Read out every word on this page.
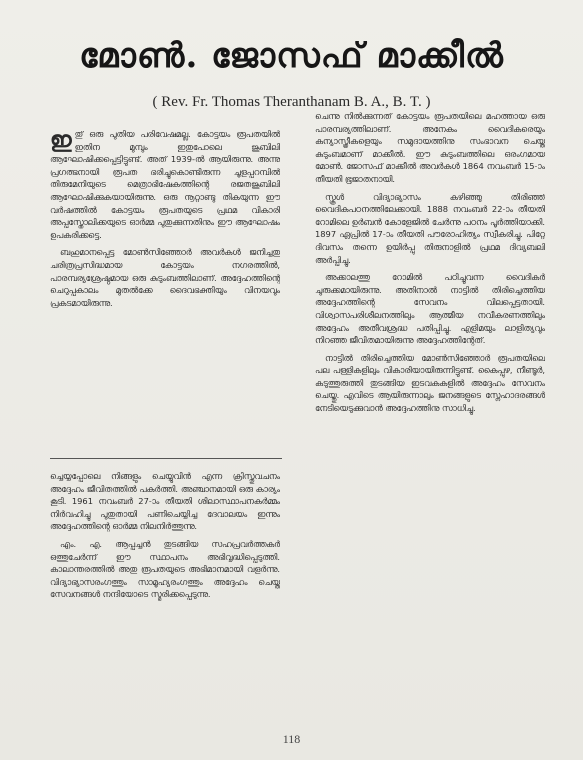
മോൺ. ജോസഫ് മാക്കീൽ
( Rev. Fr. Thomas Theranthanam B. A., B. T. )

ഇതു് ഒരു പുതിയ പരിവേഷമല്ല. കോട്ടയം രൂപതയിൽ ഇതിന മുമ്പും ഇതുപോലെ ജൂബിലി ആഘോഷിക്കപ്പെട്ടിട്ടുണ്ട്. അത് 1939-ൽ ആയിരുന്നു. അന്നു പ്രഗത്ഭനായി രൂപത ഭരിച്ചുകൊണ്ടിരുന്ന ചൂളപ്പറമ്പിൽ തിരുമേനിയുടെ മെത്രാഭിഷേകത്തിന്റെ രജതജൂബിലി ആഘോഷിക്കുകയായിരുന്നു. ഒരു നൂറ്റാണ്ടു തികയുന്ന ഈ വർഷത്തിൽ കോട്ടയം രൂപതയുടെ പ്രഥമ വികാരി അപ്പസ്തോലിക്കയുടെ ഓർമ്മ പുതുക്കുന്നതിനും ഈ ആഘോഷം ഉപകരിക്കട്ടെ.

ബഹുമാനപ്പെട്ട മോൺസിഞ്ഞോർ അവർകൾ ജനിച്ചതു ചരിത്രപ്രസിദ്ധമായ കോട്ടയം നഗരത്തിൽ, പാരമ്പര്യശ്രേഷ്ഠമായ ഒരു കുടുംബത്തിലാണ്. അദ്ദേഹത്തിന്റെ ചെറുപ്പകാലം മുതൽക്കേ ദൈവഭക്തിയും വിനയവും പ്രകടമായിരുന്നു.

ച്ചെയ്യപ്പോലെ നിങ്ങളും ചെയ്യുവിൻ എന്ന ക്രിസ്തുവചനം അദ്ദേഹം ജീവിതത്തിൽ പകർത്തി. അഞ്ചാനമായി ഒരു കാര്യം കൂടി. 1961 നവംബർ 27-ാം തീയതി ശിലാസ്ഥാപനകർമ്മം നിർവഹിച്ചു പുതുതായി പണിചെയ്യിച്ച ദേവാലയം ഇന്നും അദ്ദേഹത്തിന്റെ ഓർമ്മ നിലനിർത്തുന്നു.

എം. എ. ആപ്പച്ചൻ തുടങ്ങിയ സഹപ്രവർത്തകർ ഒത്തുചേർന്ന് ഈ സ്ഥാപനം അഭിവൃദ്ധിപ്പെടുത്തി. കാലാന്തരത്തിൽ അതു രൂപതയുടെ അഭിമാനമായി വളർന്നു. വിദ്യാഭ്യാസരംഗത്തും സാമൂഹ്യരംഗത്തും അദ്ദേഹം ചെയ്ത സേവനങ്ങൾ നന്ദിയോടെ സ്മരിക്കപ്പെടുന്നു.

ചെന്നു നിൽക്കുന്നത് കോട്ടയം രൂപതയിലെ മഹത്തായ ഒരു പാരമ്പര്യത്തിലാണ്. അനേകം വൈദികരെയും കന്യാസ്ത്രീകളെയും സമുദായത്തിനു സംഭാവന ചെയ്ത കുടുംബമാണ് മാക്കീൽ. ഈ കുടുംബത്തിലെ ഒരംഗമായ മോൺ. ജോസഫ് മാക്കീൽ അവർകൾ 1864 നവംബർ 15-ാം തീയതി ഭൂജാതനായി.

സ്കൂൾ വിദ്യാഭ്യാസം കഴിഞ്ഞു തിരിഞ്ഞ് വൈദികപഠനത്തിലേക്കായി. 1888 നവംബർ 22-ാം തീയതി റോമിലെ ഉർബൻ കോളേജിൽ ചേർന്നു പഠനം പൂർത്തിയാക്കി. 1897 ഏപ്രിൽ 17-ാം തീയതി പൗരോഹിത്യം സ്വീകരിച്ചു. പിറ്റേ ദിവസം തന്നെ ഉയിർപ്പു തിരുനാളിൽ പ്രഥമ ദിവ്യബലി അർപ്പിച്ചു.

അക്കാലത്തു റോമിൽ പഠിച്ചുവന്ന വൈദികർ ചുരുക്കമായിരുന്നു. അതിനാൽ നാട്ടിൽ തിരിച്ചെത്തിയ അദ്ദേഹത്തിന്റെ സേവനം വിലപ്പെട്ടതായി. വിശ്വാസപരിശീലനത്തിലും ആത്മീയ നവീകരണത്തിലും അദ്ദേഹം അതീവശ്രദ്ധ പതിപ്പിച്ചു. എളിമയും ലാളിത്യവും നിറഞ്ഞ ജീവിതമായിരുന്നു അദ്ദേഹത്തിന്റേത്.

നാട്ടിൽ തിരിച്ചെത്തിയ മോൺസിഞ്ഞോർ രൂപതയിലെ പല പള്ളികളിലും വികാരിയായിരുന്നിട്ടുണ്ട്. കൈപ്പുഴ, നീണ്ടൂർ, കടുത്തുരുത്തി തുടങ്ങിയ ഇടവകകളിൽ അദ്ദേഹം സേവനം ചെയ്തു. എവിടെ ആയിരുന്നാലും ജനങ്ങളുടെ സ്നേഹാദരങ്ങൾ നേടിയെടുക്കുവാൻ അദ്ദേഹത്തിനു സാധിച്ചു.

118
